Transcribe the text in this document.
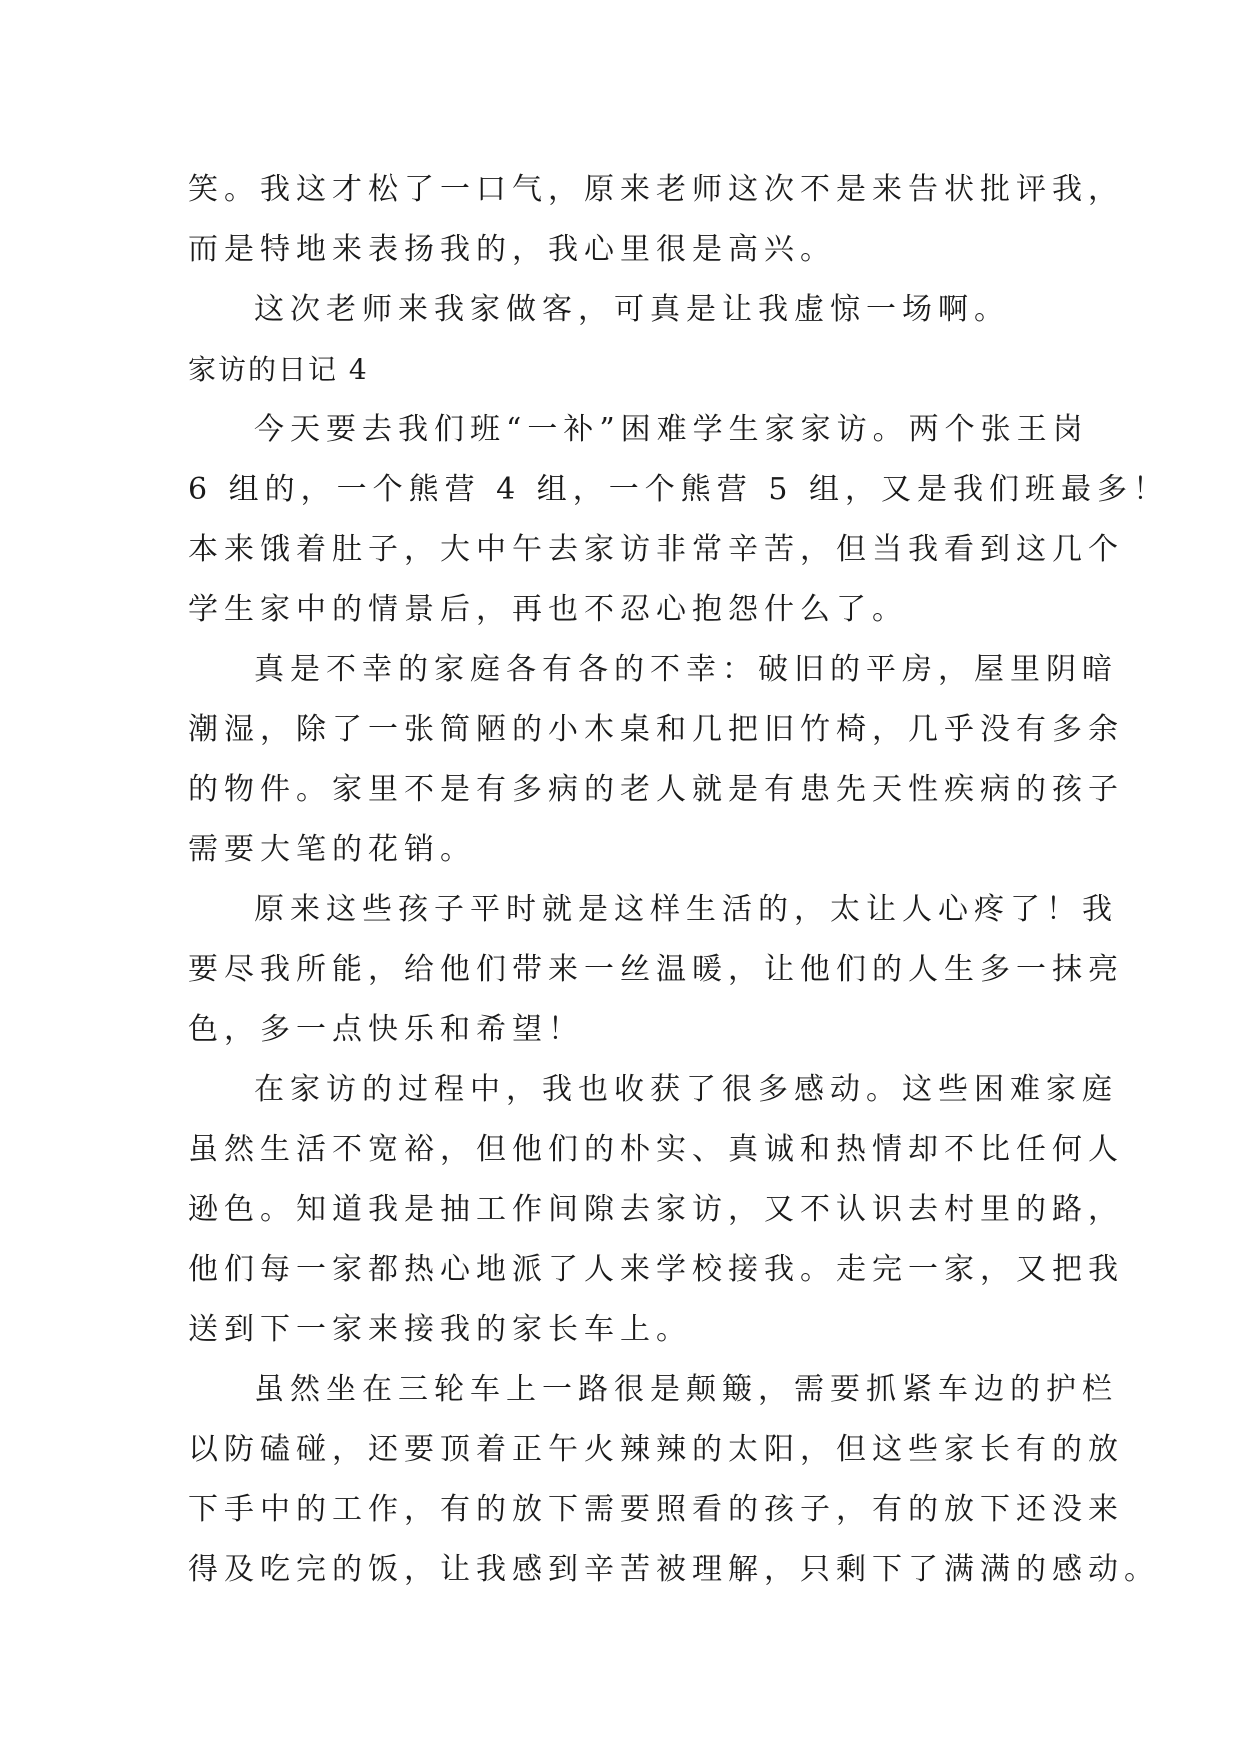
笑。我这才松了一口气，原来老师这次不是来告状批评我，
而是特地来表扬我的，我心里很是高兴。
这次老师来我家做客，可真是让我虚惊一场啊。
家访的日记 4
今天要去我们班“一补”困难学生家家访。两个张王岗
6 组的，一个熊营 4 组，一个熊营 5 组，又是我们班最多！
本来饿着肚子，大中午去家访非常辛苦，但当我看到这几个
学生家中的情景后，再也不忍心抱怨什么了。
真是不幸的家庭各有各的不幸：破旧的平房，屋里阴暗
潮湿，除了一张简陋的小木桌和几把旧竹椅，几乎没有多余
的物件。家里不是有多病的老人就是有患先天性疾病的孩子
需要大笔的花销。
原来这些孩子平时就是这样生活的，太让人心疼了！我
要尽我所能，给他们带来一丝温暖，让他们的人生多一抹亮
色，多一点快乐和希望！
在家访的过程中，我也收获了很多感动。这些困难家庭
虽然生活不宽裕，但他们的朴实、真诚和热情却不比任何人
逊色。知道我是抽工作间隙去家访，又不认识去村里的路，
他们每一家都热心地派了人来学校接我。走完一家，又把我
送到下一家来接我的家长车上。
虽然坐在三轮车上一路很是颠簸，需要抓紧车边的护栏
以防磕碰，还要顶着正午火辣辣的太阳，但这些家长有的放
下手中的工作，有的放下需要照看的孩子，有的放下还没来
得及吃完的饭，让我感到辛苦被理解，只剩下了满满的感动。
